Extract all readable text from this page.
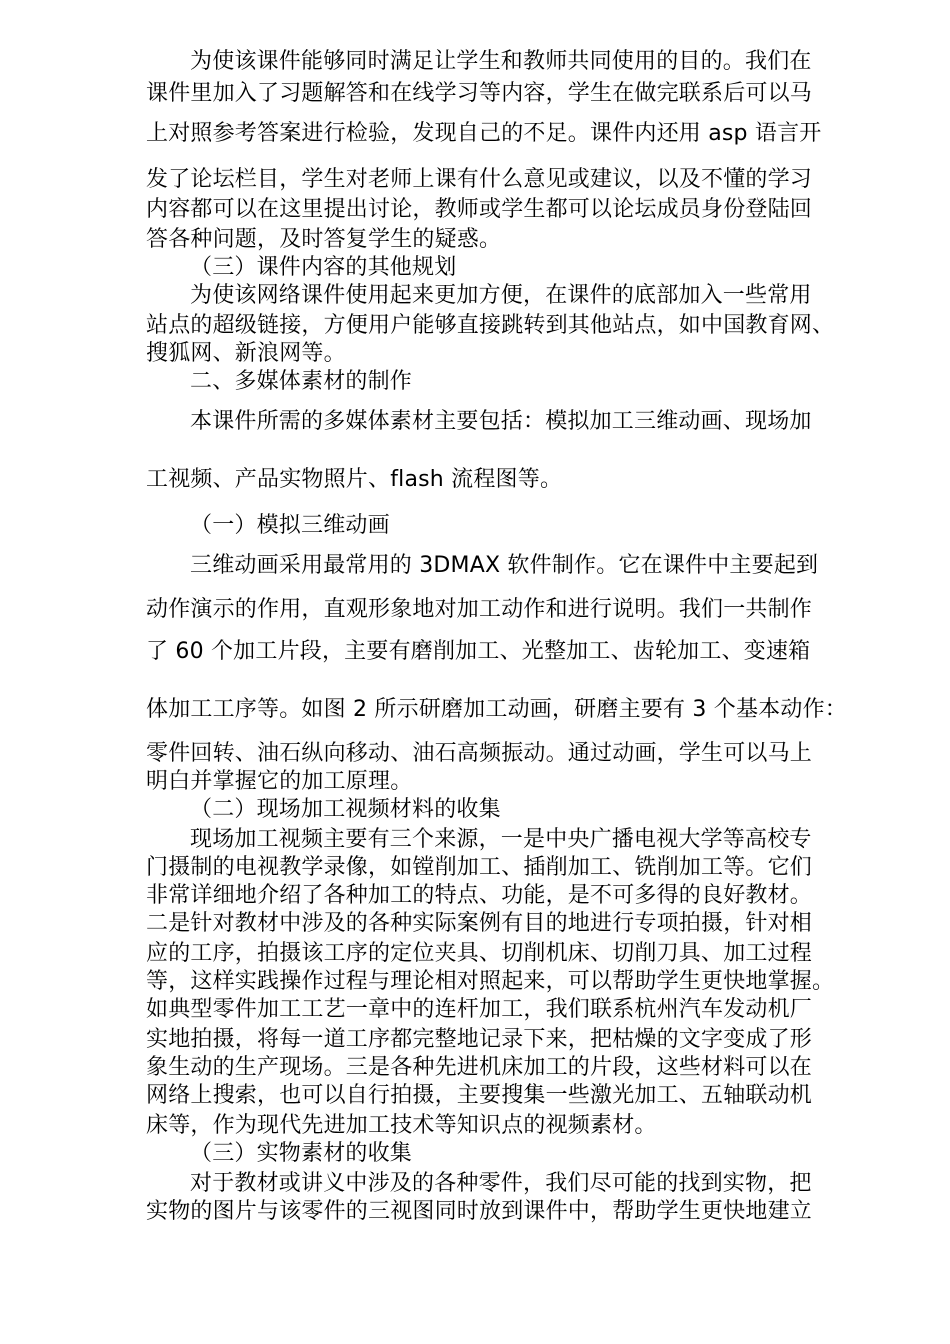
为使该课件能够同时满足让学生和教师共同使用的目的。我们在
课件里加入了习题解答和在线学习等内容，学生在做完联系后可以马
上对照参考答案进行检验，发现自己的不足。课件内还用 asp 语言开
发了论坛栏目，学生对老师上课有什么意见或建议，以及不懂的学习
内容都可以在这里提出讨论，教师或学生都可以论坛成员身份登陆回
答各种问题，及时答复学生的疑惑。
（三）课件内容的其他规划
为使该网络课件使用起来更加方便，在课件的底部加入一些常用
站点的超级链接，方便用户能够直接跳转到其他站点，如中国教育网、
搜狐网、新浪网等。
二、多媒体素材的制作
本课件所需的多媒体素材主要包括：模拟加工三维动画、现场加
工视频、产品实物照片、flash 流程图等。
（一）模拟三维动画
三维动画采用最常用的 3DMAX 软件制作。它在课件中主要起到
动作演示的作用，直观形象地对加工动作和进行说明。我们一共制作
了 60 个加工片段，主要有磨削加工、光整加工、齿轮加工、变速箱
体加工工序等。如图 2 所示研磨加工动画，研磨主要有 3 个基本动作：
零件回转、油石纵向移动、油石高频振动。通过动画，学生可以马上
明白并掌握它的加工原理。
（二）现场加工视频材料的收集
现场加工视频主要有三个来源，一是中央广播电视大学等高校专
门摄制的电视教学录像，如镗削加工、插削加工、铣削加工等。它们
非常详细地介绍了各种加工的特点、功能，是不可多得的良好教材。
二是针对教材中涉及的各种实际案例有目的地进行专项拍摄，针对相
应的工序，拍摄该工序的定位夹具、切削机床、切削刀具、加工过程
等，这样实践操作过程与理论相对照起来，可以帮助学生更快地掌握。
如典型零件加工工艺一章中的连杆加工，我们联系杭州汽车发动机厂
实地拍摄，将每一道工序都完整地记录下来，把枯燥的文字变成了形
象生动的生产现场。三是各种先进机床加工的片段，这些材料可以在
网络上搜索，也可以自行拍摄，主要搜集一些激光加工、五轴联动机
床等，作为现代先进加工技术等知识点的视频素材。
（三）实物素材的收集
对于教材或讲义中涉及的各种零件，我们尽可能的找到实物，把
实物的图片与该零件的三视图同时放到课件中，帮助学生更快地建立
